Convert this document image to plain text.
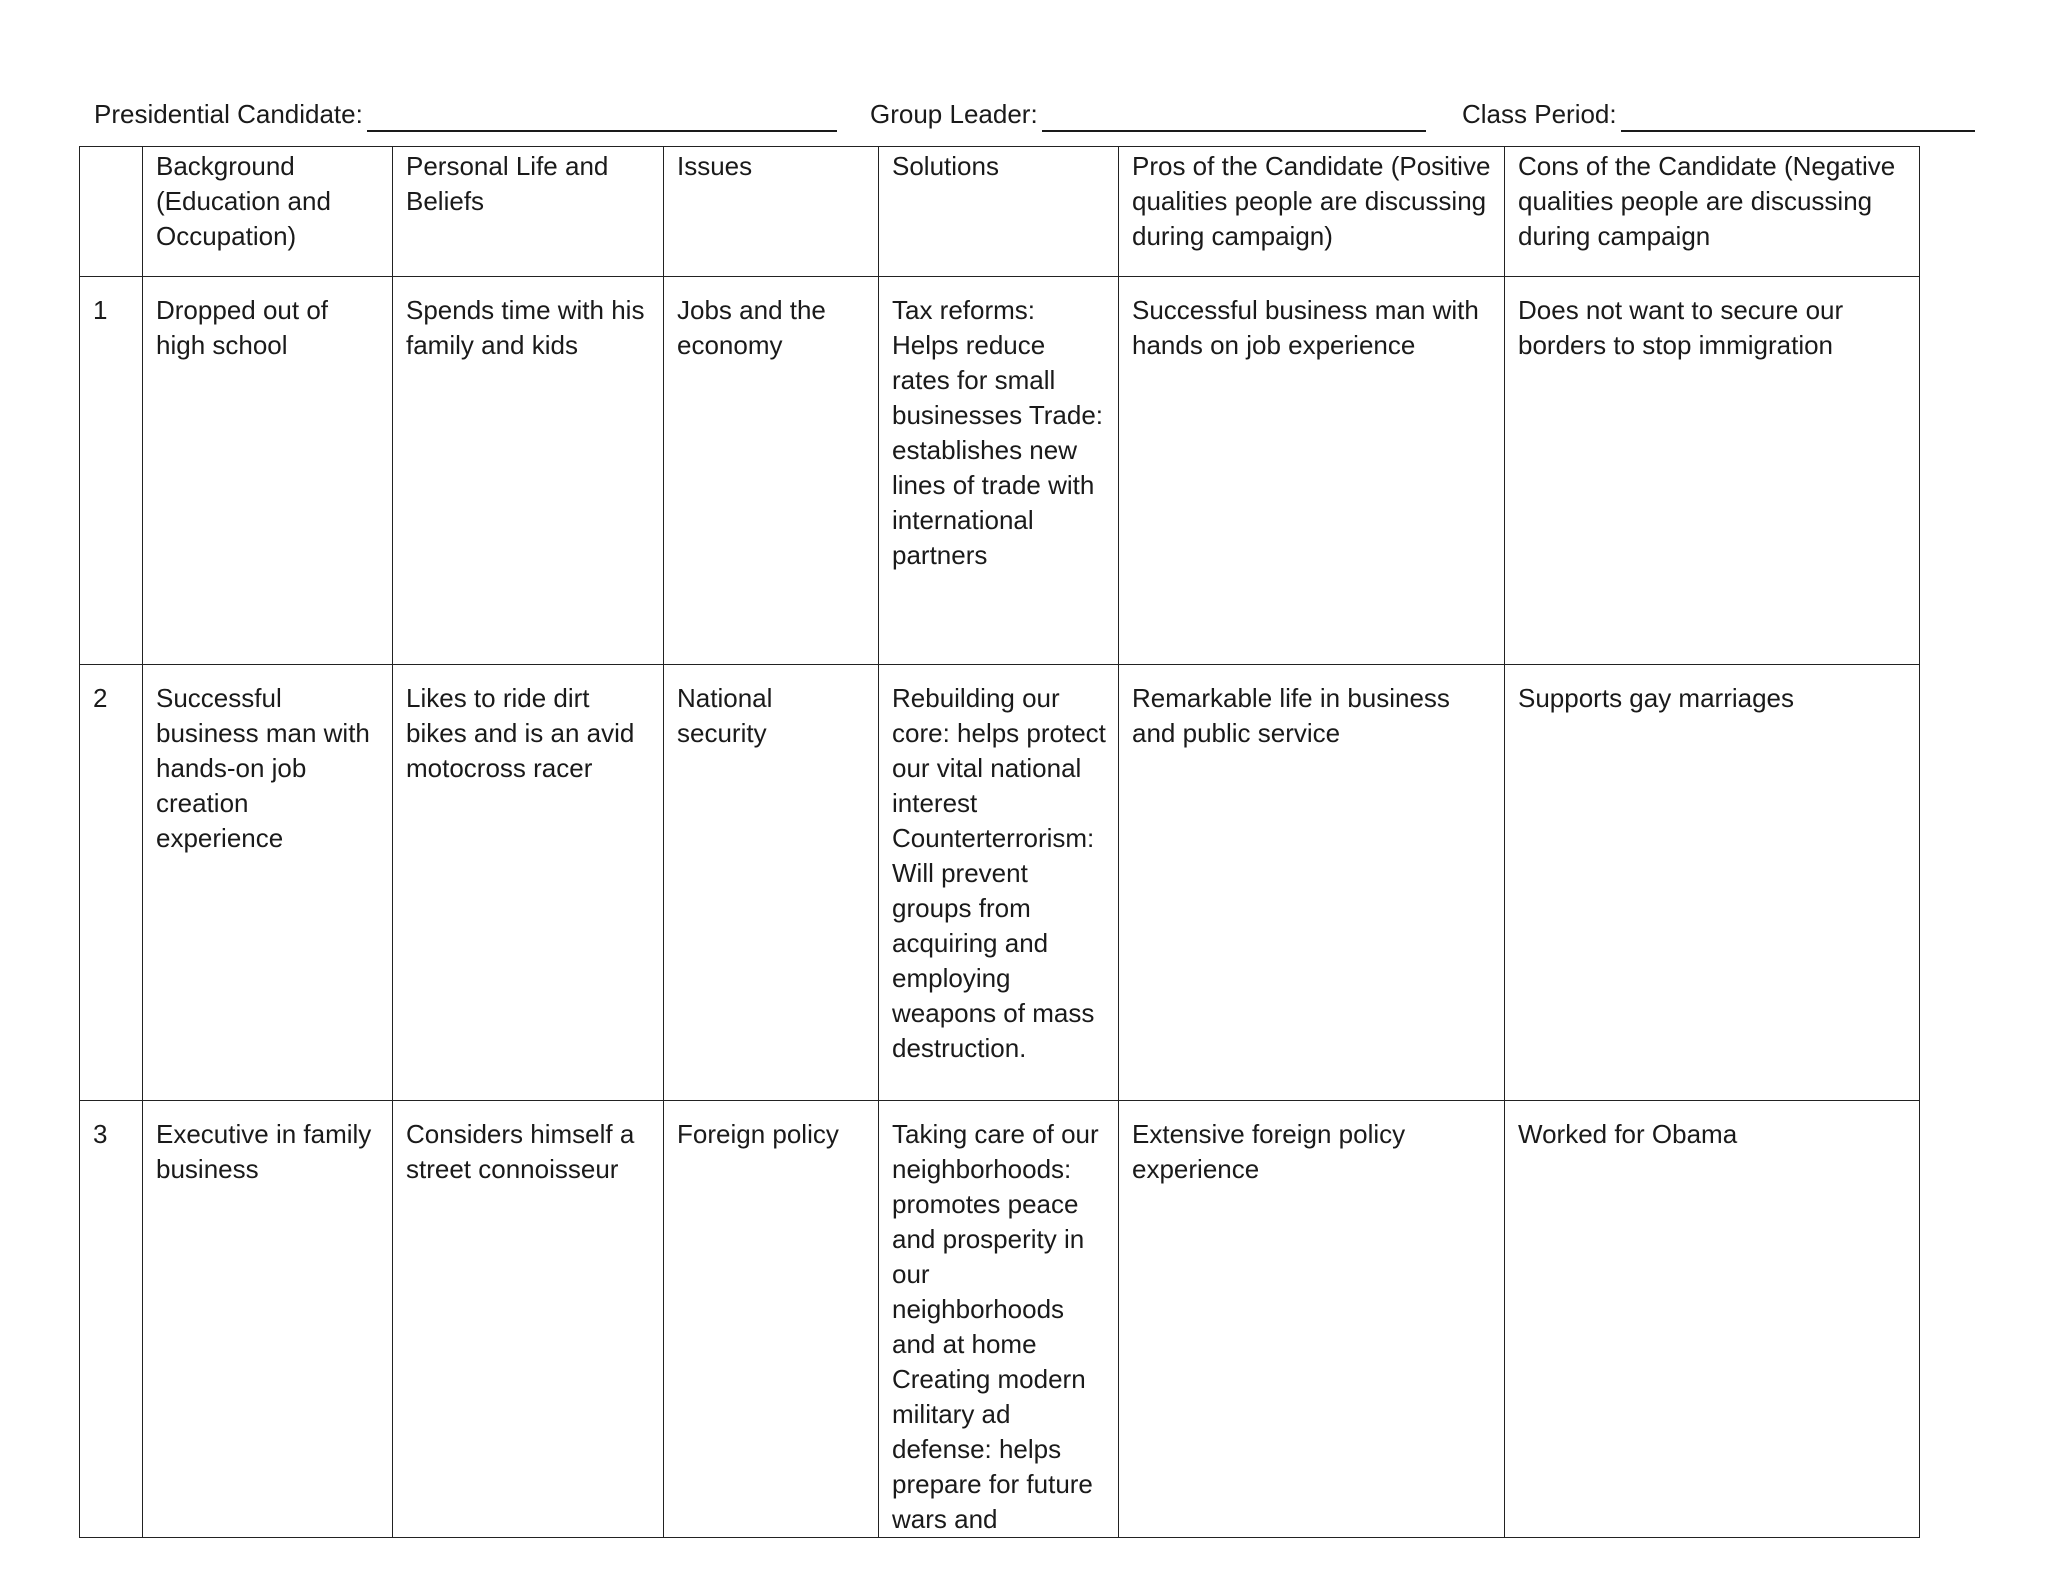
Presidential Candidate:	Group Leader:	Class Period:
	Background (Education and Occupation)	Personal Life and Beliefs	Issues	Solutions	Pros of the Candidate (Positive qualities people are discussing during campaign)	Cons of the Candidate (Negative qualities people are discussing during campaign
1	Dropped out of high school	Spends time with his family and kids	Jobs and the economy	Tax reforms: Helps reduce rates for small businesses Trade: establishes new lines of trade with international partners	Successful business man with hands on job experience	Does not want to secure our borders to stop immigration
2	Successful business man with hands-on job creation experience	Likes to ride dirt bikes and is an avid motocross racer	National security	Rebuilding our core: helps protect our vital national interest Counterterrorism: Will prevent groups from acquiring and employing weapons of mass destruction.	Remarkable life in business and public service	Supports gay marriages
3	Executive in family business	Considers himself a street connoisseur	Foreign policy	Taking care of our neighborhoods: promotes peace and prosperity in our neighborhoods and at home Creating modern military ad defense: helps prepare for future wars and	Extensive foreign policy experience	Worked for Obama
